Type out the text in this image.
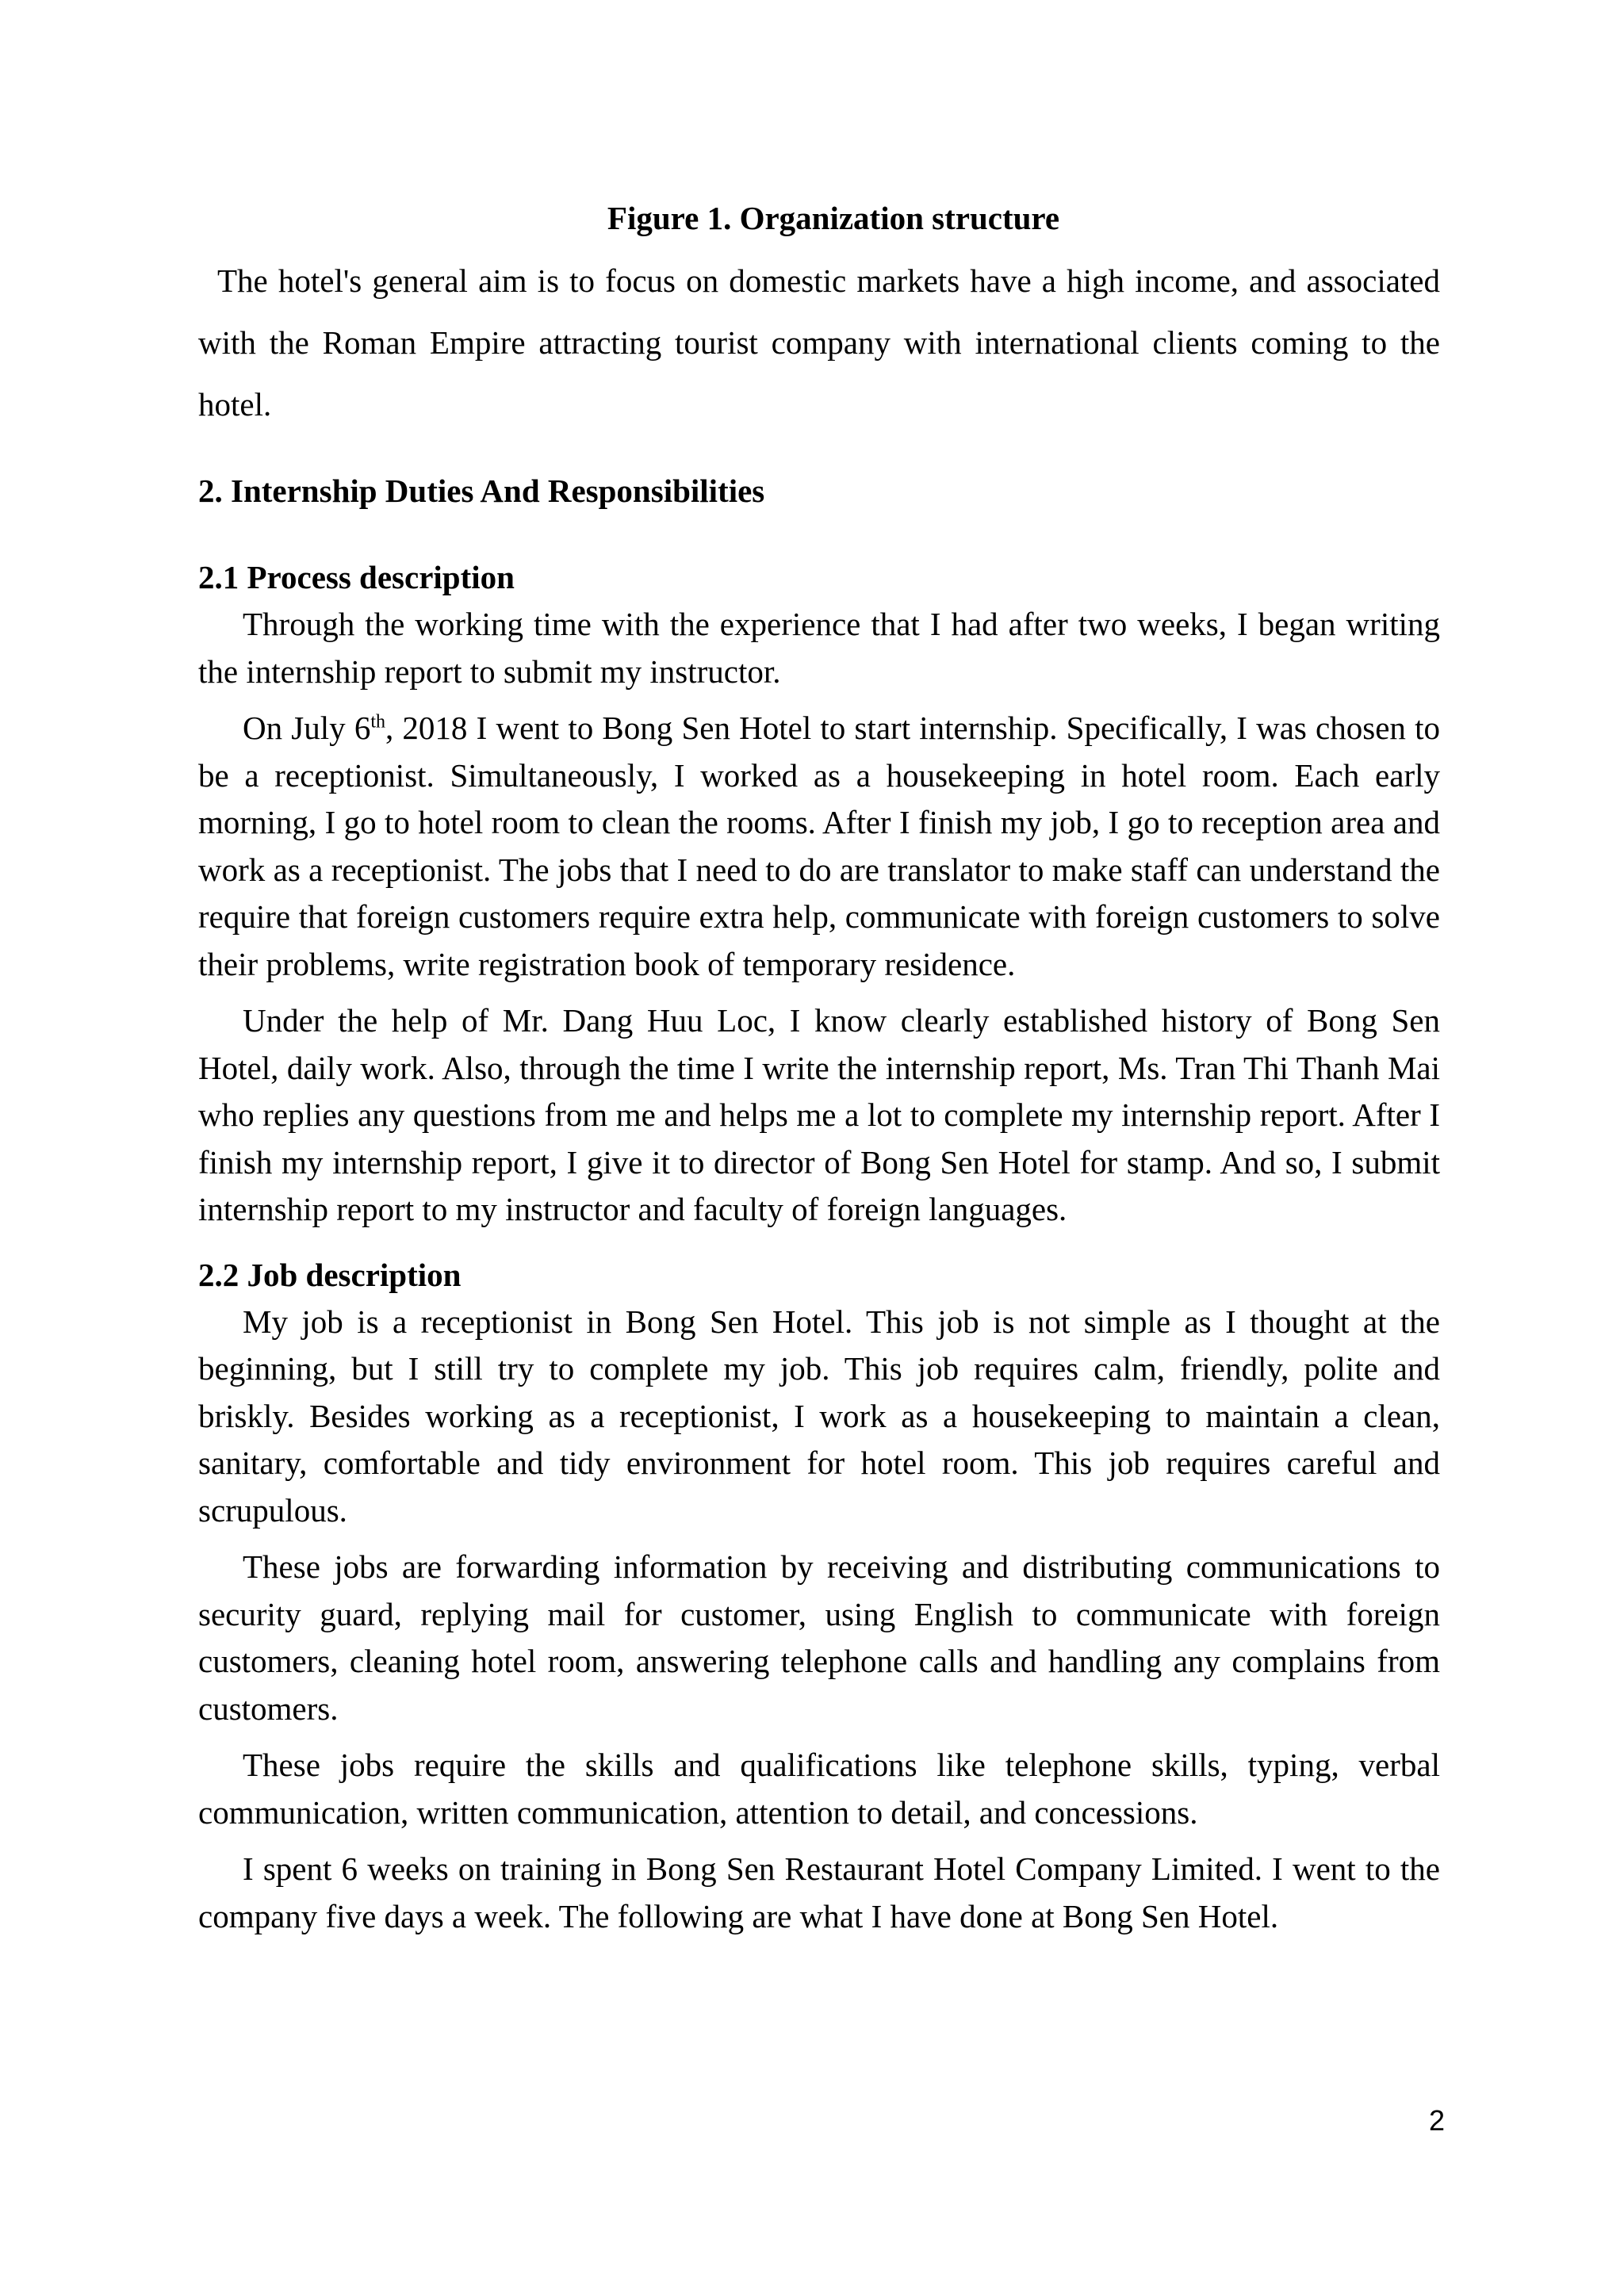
Figure 1. Organization structure

The hotel's general aim is to focus on domestic markets have a high income, and associated with the Roman Empire attracting tourist company with international clients coming to the hotel.

2. Internship Duties And Responsibilities

2.1 Process description

Through the working time with the experience that I had after two weeks, I began writing the internship report to submit my instructor.

On July 6th, 2018 I went to Bong Sen Hotel to start internship. Specifically, I was chosen to be a receptionist. Simultaneously, I worked as a housekeeping in hotel room. Each early morning, I go to hotel room to clean the rooms. After I finish my job, I go to reception area and work as a receptionist. The jobs that I need to do are translator to make staff can understand the require that foreign customers require extra help, communicate with foreign customers to solve their problems, write registration book of temporary residence.

Under the help of Mr. Dang Huu Loc, I know clearly established history of Bong Sen Hotel, daily work. Also, through the time I write the internship report, Ms. Tran Thi Thanh Mai who replies any questions from me and helps me a lot to complete my internship report. After I finish my internship report, I give it to director of Bong Sen Hotel for stamp. And so, I submit internship report to my instructor and faculty of foreign languages.

2.2 Job description

My job is a receptionist in Bong Sen Hotel. This job is not simple as I thought at the beginning, but I still try to complete my job. This job requires calm, friendly, polite and briskly. Besides working as a receptionist, I work as a housekeeping to maintain a clean, sanitary, comfortable and tidy environment for hotel room. This job requires careful and scrupulous.

These jobs are forwarding information by receiving and distributing communications to security guard, replying mail for customer, using English to communicate with foreign customers, cleaning hotel room, answering telephone calls and handling any complains from customers.

These jobs require the skills and qualifications like telephone skills, typing, verbal communication, written communication, attention to detail, and concessions.

I spent 6 weeks on training in Bong Sen Restaurant Hotel Company Limited. I went to the company five days a week. The following are what I have done at Bong Sen Hotel.

2
